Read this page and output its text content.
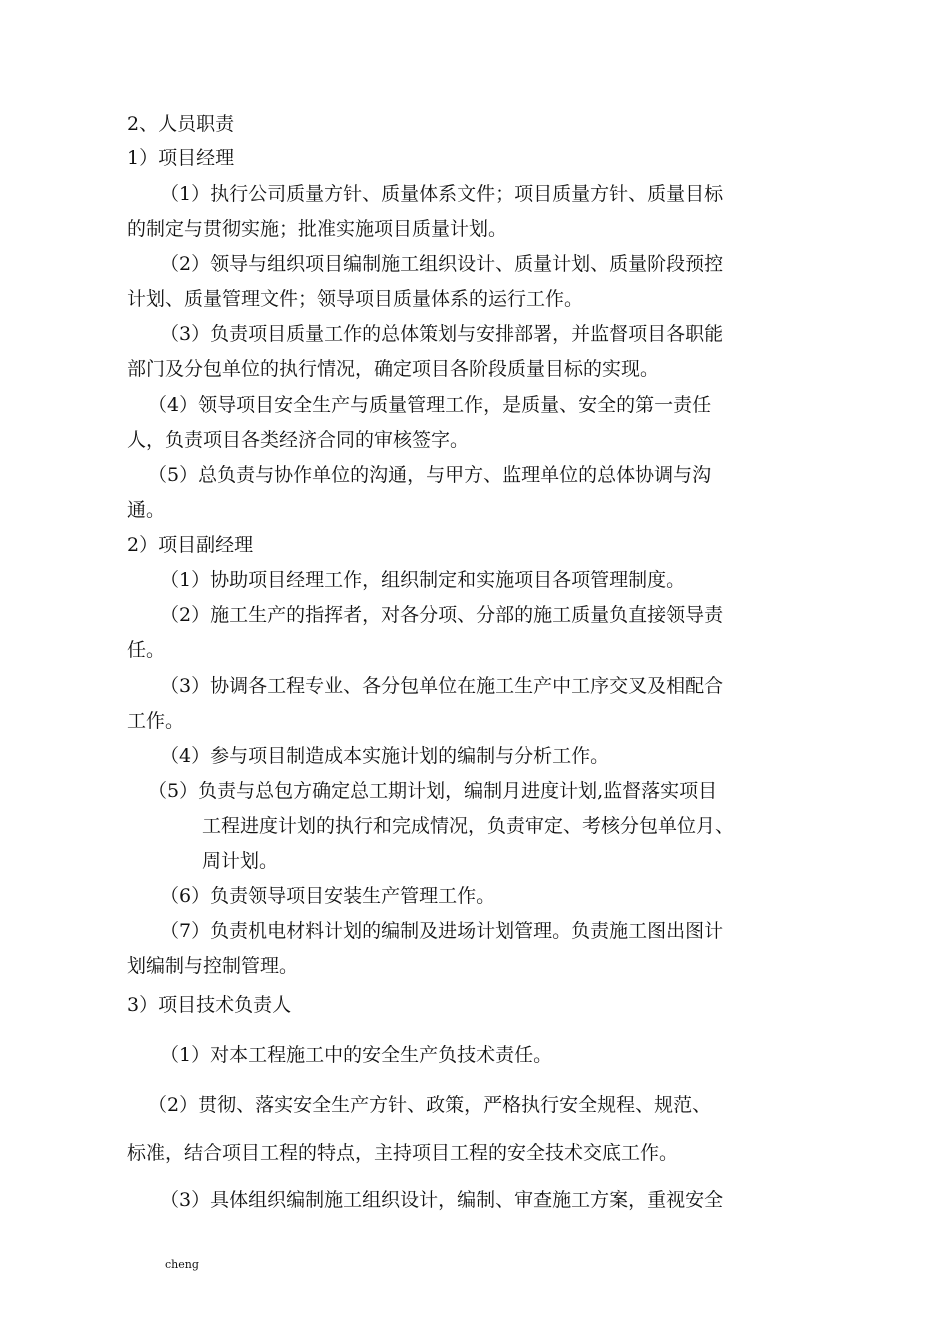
2、人员职责
1）项目经理
（1）执行公司质量方针、质量体系文件；项目质量方针、质量目标
的制定与贯彻实施；批准实施项目质量计划。
（2）领导与组织项目编制施工组织设计、质量计划、质量阶段预控
计划、质量管理文件；领导项目质量体系的运行工作。
（3）负责项目质量工作的总体策划与安排部署，并监督项目各职能
部门及分包单位的执行情况，确定项目各阶段质量目标的实现。
（4）领导项目安全生产与质量管理工作，是质量、安全的第一责任
人，负责项目各类经济合同的审核签字。
（5）总负责与协作单位的沟通，与甲方、监理单位的总体协调与沟
通。
2）项目副经理
（1）协助项目经理工作，组织制定和实施项目各项管理制度。
（2）施工生产的指挥者，对各分项、分部的施工质量负直接领导责
任。
（3）协调各工程专业、各分包单位在施工生产中工序交叉及相配合
工作。
（4）参与项目制造成本实施计划的编制与分析工作。
（5）负责与总包方确定总工期计划，编制月进度计划,监督落实项目
工程进度计划的执行和完成情况，负责审定、考核分包单位月、
周计划。
（6）负责领导项目安装生产管理工作。
（7）负责机电材料计划的编制及进场计划管理。负责施工图出图计
划编制与控制管理。
3）项目技术负责人
（1）对本工程施工中的安全生产负技术责任。
（2）贯彻、落实安全生产方针、政策，严格执行安全规程、规范、
标准，结合项目工程的特点，主持项目工程的安全技术交底工作。
（3）具体组织编制施工组织设计，编制、审查施工方案，重视安全
cheng
